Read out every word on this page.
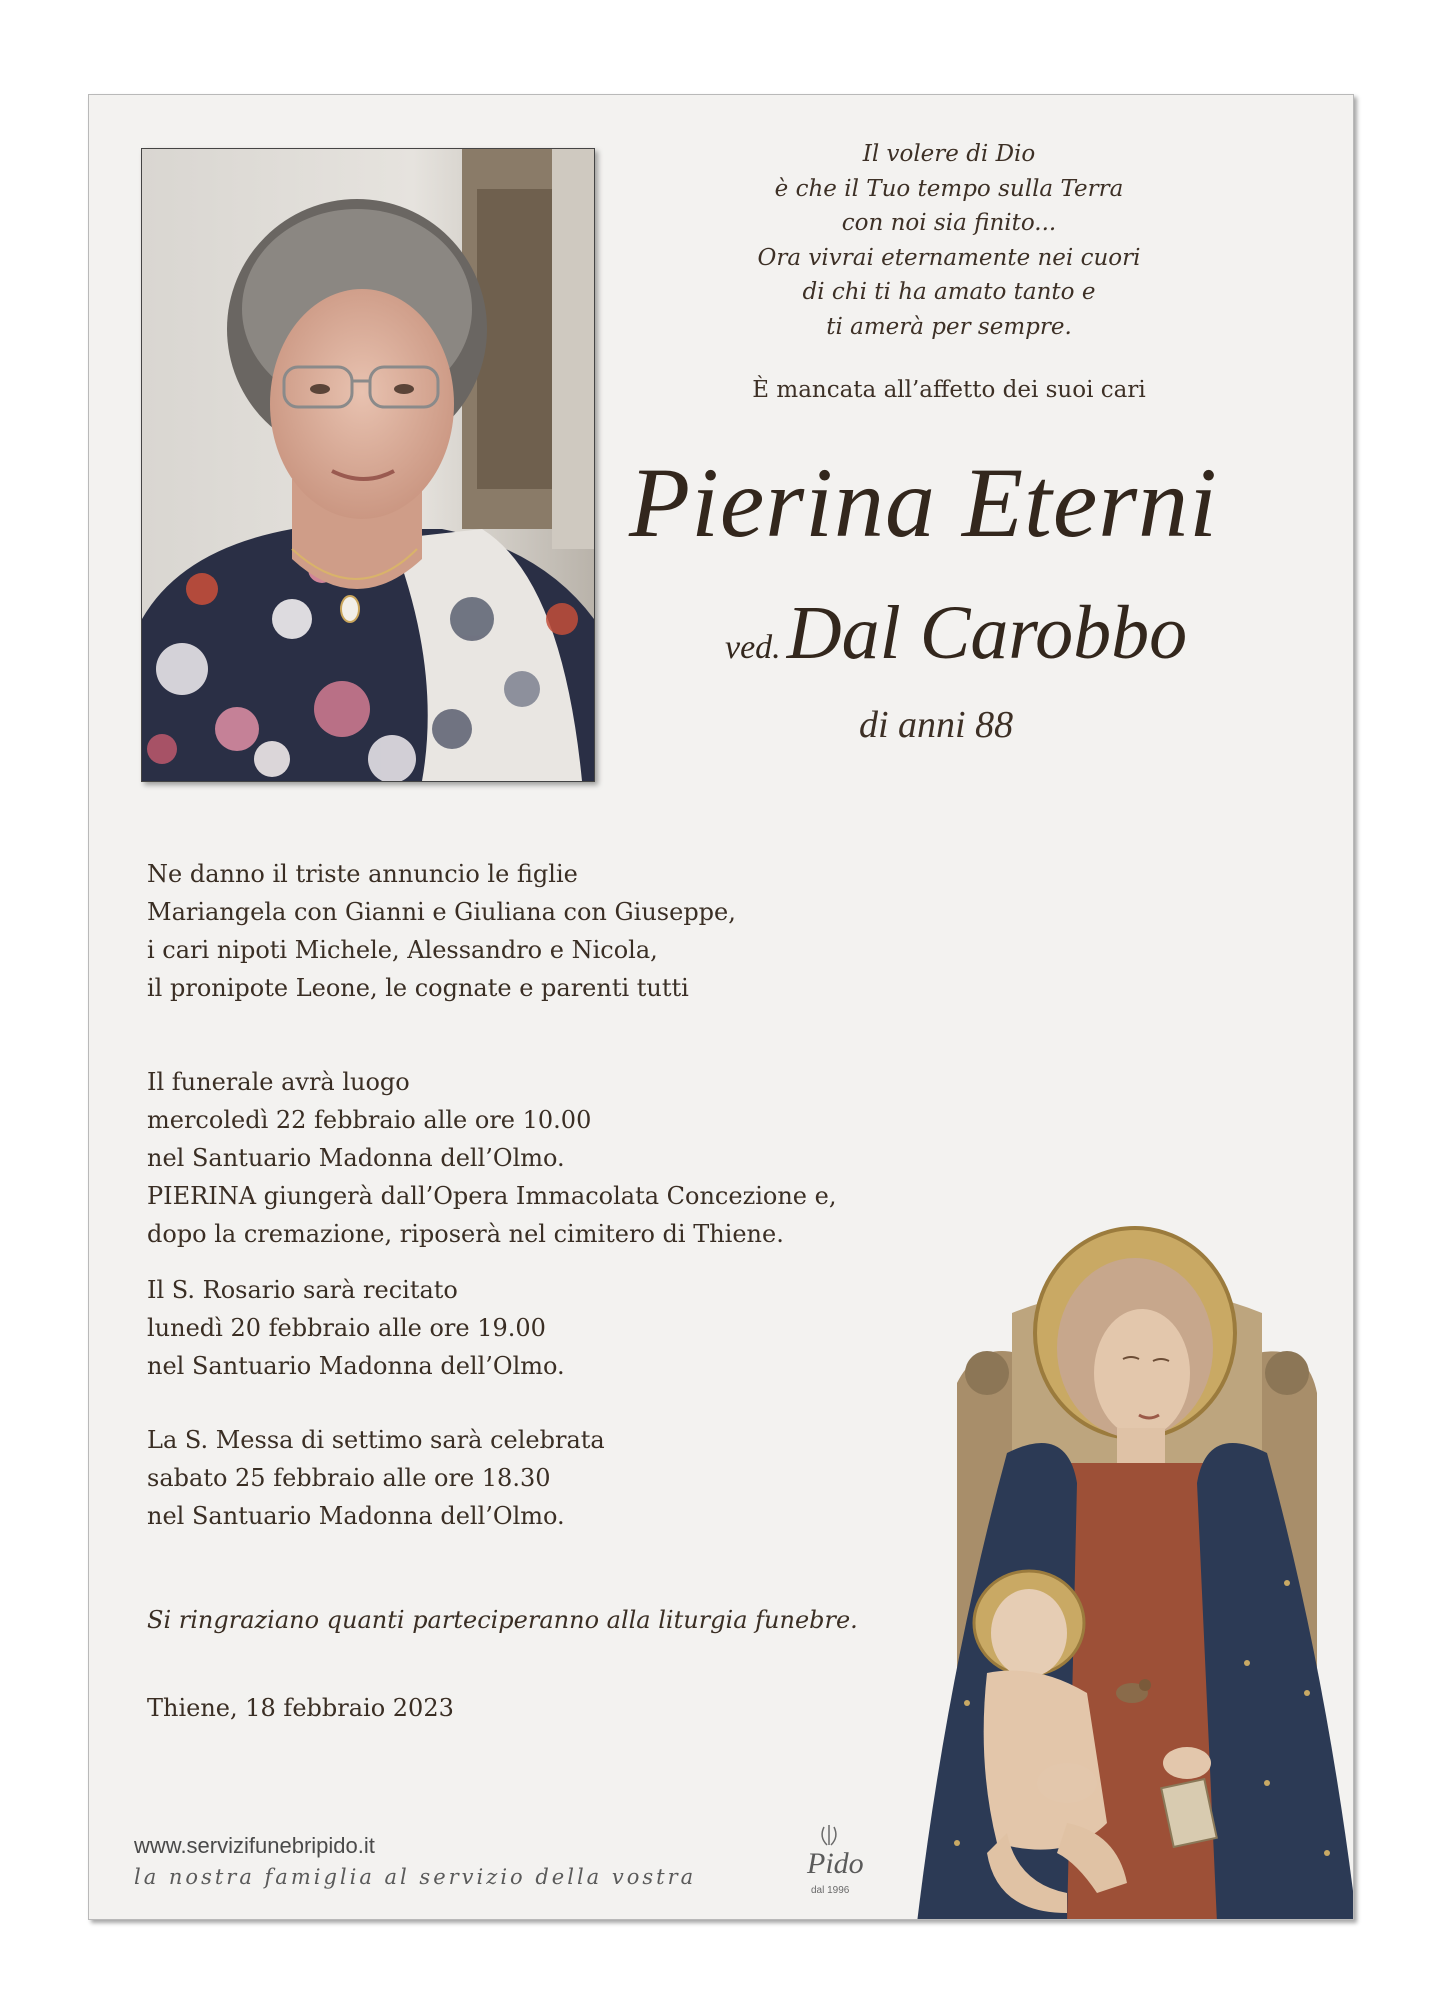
Il volere di Dio
è che il Tuo tempo sulla Terra
con noi sia finito...
Ora vivrai eternamente nei cuori
di chi ti ha amato tanto e
ti amerà per sempre.
È mancata all’affetto dei suoi cari
Pierina Eterni
ved.Dal Carobbo
di anni 88
Ne danno il triste annuncio le figlie
Mariangela con Gianni e Giuliana con Giuseppe,
i cari nipoti Michele, Alessandro e Nicola,
il pronipote Leone, le cognate e parenti tutti
Il funerale avrà luogo
mercoledì 22 febbraio alle ore 10.00
nel Santuario Madonna dell’Olmo.
PIERINA giungerà dall’Opera Immacolata Concezione e,
dopo la cremazione, riposerà nel cimitero di Thiene.
Il S. Rosario sarà recitato
lunedì 20 febbraio alle ore 19.00
nel Santuario Madonna dell’Olmo.
La S. Messa di settimo sarà celebrata
sabato 25 febbraio alle ore 18.30
nel Santuario Madonna dell’Olmo.
Si ringraziano quanti parteciperanno alla liturgia funebre.
Thiene, 18 febbraio 2023
www.servizifunebripido.it
la nostra famiglia al servizio della vostra	Pido
dal 1996
